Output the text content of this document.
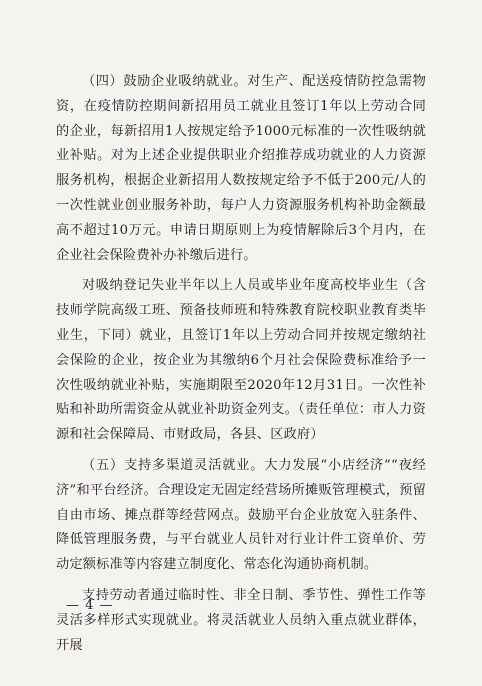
（四）鼓励企业吸纳就业。对生产、配送疫情防控急需物资，在疫情防控期间新招用员工就业且签订1年以上劳动合同的企业，每新招用1人按规定给予1000元标准的一次性吸纳就业补贴。对为上述企业提供职业介绍推荐成功就业的人力资源服务机构，根据企业新招用人数按规定给予不低于200元/人的一次性就业创业服务补助，每户人力资源服务机构补助金额最高不超过10万元。申请日期原则上为疫情解除后3个月内，在企业社会保险费补办补缴后进行。

对吸纳登记失业半年以上人员或毕业年度高校毕业生（含技师学院高级工班、预备技师班和特殊教育院校职业教育类毕业生，下同）就业，且签订1年以上劳动合同并按规定缴纳社会保险的企业，按企业为其缴纳6个月社会保险费标准给予一次性吸纳就业补贴，实施期限至2020年12月31日。一次性补贴和补助所需资金从就业补助资金列支。（责任单位：市人力资源和社会保障局、市财政局，各县、区政府）

（五）支持多渠道灵活就业。大力发展“小店经济”“夜经济”和平台经济。合理设定无固定经营场所摊贩管理模式，预留自由市场、摊点群等经营网点。鼓励平台企业放宽入驻条件、降低管理服务费，与平台就业人员针对行业计件工资单价、劳动定额标准等内容建立制度化、常态化沟通协商机制。

支持劳动者通过临时性、非全日制、季节性、弹性工作等灵活多样形式实现就业。将灵活就业人员纳入重点就业群体，开展

— 4 —
